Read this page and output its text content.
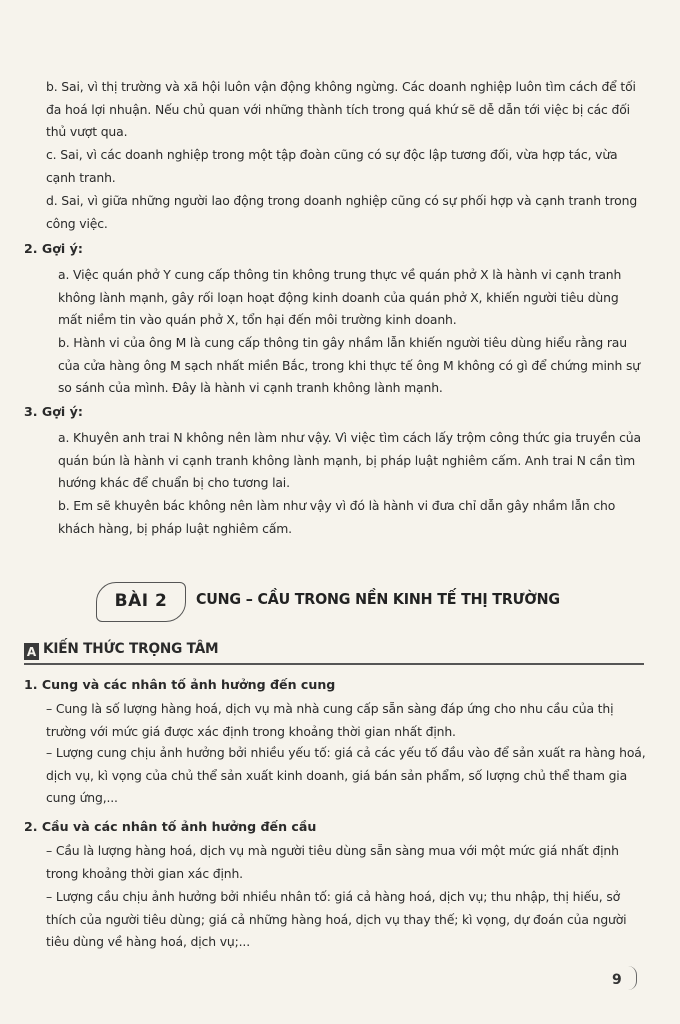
b. Sai, vì thị trường và xã hội luôn vận động không ngừng. Các doanh nghiệp luôn tìm cách để tối đa hoá lợi nhuận. Nếu chủ quan với những thành tích trong quá khứ sẽ dễ dẫn tới việc bị các đối thủ vượt qua.
c. Sai, vì các doanh nghiệp trong một tập đoàn cũng có sự độc lập tương đối, vừa hợp tác, vừa cạnh tranh.
d. Sai, vì giữa những người lao động trong doanh nghiệp cũng có sự phối hợp và cạnh tranh trong công việc.
2. Gợi ý:
a. Việc quán phở Y cung cấp thông tin không trung thực về quán phở X là hành vi cạnh tranh không lành mạnh, gây rối loạn hoạt động kinh doanh của quán phở X, khiến người tiêu dùng mất niềm tin vào quán phở X, tổn hại đến môi trường kinh doanh.
b. Hành vi của ông M là cung cấp thông tin gây nhầm lẫn khiến người tiêu dùng hiểu rằng rau của cửa hàng ông M sạch nhất miền Bắc, trong khi thực tế ông M không có gì để chứng minh sự so sánh của mình. Đây là hành vi cạnh tranh không lành mạnh.
3. Gợi ý:
a. Khuyên anh trai N không nên làm như vậy. Vì việc tìm cách lấy trộm công thức gia truyền của quán bún là hành vi cạnh tranh không lành mạnh, bị pháp luật nghiêm cấm. Anh trai N cần tìm hướng khác để chuẩn bị cho tương lai.
b. Em sẽ khuyên bác không nên làm như vậy vì đó là hành vi đưa chỉ dẫn gây nhầm lẫn cho khách hàng, bị pháp luật nghiêm cấm.
BÀI 2	CUNG – CẦU TRONG NỀN KINH TẾ THỊ TRƯỜNG
A KIẾN THỨC TRỌNG TÂM
1. Cung và các nhân tố ảnh hưởng đến cung
– Cung là số lượng hàng hoá, dịch vụ mà nhà cung cấp sẵn sàng đáp ứng cho nhu cầu của thị trường với mức giá được xác định trong khoảng thời gian nhất định.
– Lượng cung chịu ảnh hưởng bởi nhiều yếu tố: giá cả các yếu tố đầu vào để sản xuất ra hàng hoá, dịch vụ, kì vọng của chủ thể sản xuất kinh doanh, giá bán sản phẩm, số lượng chủ thể tham gia cung ứng,...
2. Cầu và các nhân tố ảnh hưởng đến cầu
– Cầu là lượng hàng hoá, dịch vụ mà người tiêu dùng sẵn sàng mua với một mức giá nhất định trong khoảng thời gian xác định.
– Lượng cầu chịu ảnh hưởng bởi nhiều nhân tố: giá cả hàng hoá, dịch vụ; thu nhập, thị hiếu, sở thích của người tiêu dùng; giá cả những hàng hoá, dịch vụ thay thế; kì vọng, dự đoán của người tiêu dùng về hàng hoá, dịch vụ;...
9
